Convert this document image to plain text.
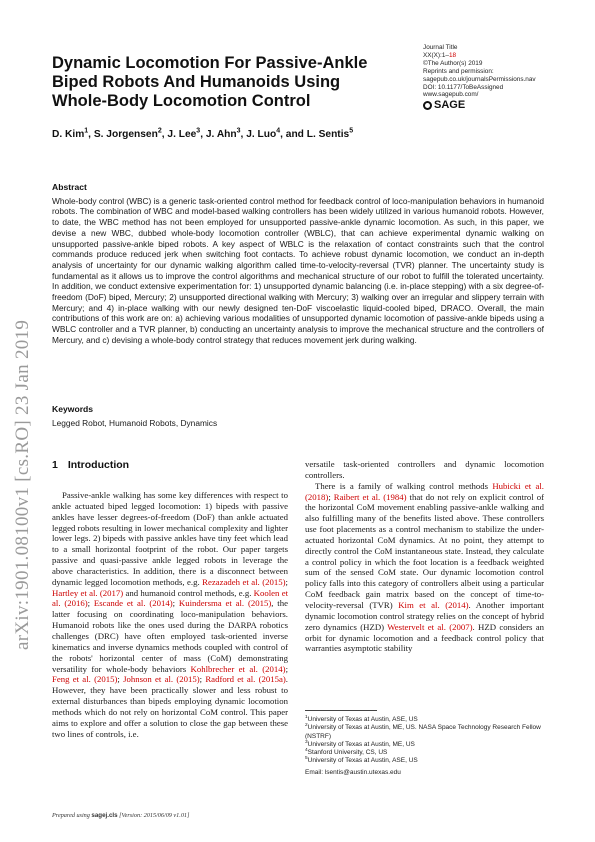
arXiv:1901.08100v1 [cs.RO] 23 Jan 2019
Dynamic Locomotion For Passive-Ankle Biped Robots And Humanoids Using Whole-Body Locomotion Control
Journal Title
XX(X):1–18
©The Author(s) 2019
Reprints and permission:
sagepub.co.uk/journalsPermissions.nav
DOI: 10.1177/ToBeAssigned
www.sagepub.com/
SAGE
D. Kim$^1$, S. Jorgensen$^2$, J. Lee$^3$, J. Ahn$^3$, J. Luo$^4$, and L. Sentis$^5$
Abstract

Whole-body control (WBC) is a generic task-oriented control method for feedback control of loco-manipulation behaviors in humanoid robots. The combination of WBC and model-based walking controllers has been widely utilized in various humanoid robots. However, to date, the WBC method has not been employed for unsupported passive-ankle dynamic locomotion. As such, in this paper, we devise a new WBC, dubbed whole-body locomotion controller (WBLC), that can achieve experimental dynamic walking on unsupported passive-ankle biped robots. A key aspect of WBLC is the relaxation of contact constraints such that the control commands produce reduced jerk when switching foot contacts. To achieve robust dynamic locomotion, we conduct an in-depth analysis of uncertainty for our dynamic walking algorithm called time-to-velocity-reversal (TVR) planner. The uncertainty study is fundamental as it allows us to improve the control algorithms and mechanical structure of our robot to fulfill the tolerated uncertainty. In addition, we conduct extensive experimentation for: 1) unsupported dynamic balancing (i.e. in-place stepping) with a six degree-of-freedom (DoF) biped, Mercury; 2) unsupported directional walking with Mercury; 3) walking over an irregular and slippery terrain with Mercury; and 4) in-place walking with our newly designed ten-DoF viscoelastic liquid-cooled biped, DRACO. Overall, the main contributions of this work are on: a) achieving various modalities of unsupported dynamic locomotion of passive-ankle bipeds using a WBLC controller and a TVR planner, b) conducting an uncertainty analysis to improve the mechanical structure and the controllers of Mercury, and c) devising a whole-body control strategy that reduces movement jerk during walking.

Keywords

Legged Robot, Humanoid Robots, Dynamics

1 Introduction

Passive-ankle walking has some key differences with respect to ankle actuated biped legged locomotion: 1) bipeds with passive ankles have lesser degrees-of-freedom (DoF) than ankle actuated legged robots resulting in lower mechanical complexity and lighter lower legs. 2) bipeds with passive ankles have tiny feet which lead to a small horizontal footprint of the robot. Our paper targets passive and quasi-passive ankle legged robots in leverage the above characteristics. In addition, there is a disconnect between dynamic legged locomotion methods, e.g. Rezazadeh et al. (2015); Hartley et al. (2017) and humanoid control methods, e.g. Koolen et al. (2016); Escande et al. (2014); Kuindersma et al. (2015), the latter focusing on coordinating loco-manipulation behaviors. Humanoid robots like the ones used during the DARPA robotics challenges (DRC) have often employed task-oriented inverse kinematics and inverse dynamics methods coupled with control of the robots' horizontal center of mass (CoM) demonstrating versatility for whole-body behaviors Kohlbrecher et al. (2014); Feng et al. (2015); Johnson et al. (2015); Radford et al. (2015a). However, they have been practically slower and less robust to external disturbances than bipeds employing dynamic locomotion methods which do not rely on horizontal CoM control. This paper aims to explore and offer a solution to close the gap between these two lines of controls, i.e.

versatile task-oriented controllers and dynamic locomotion controllers.

There is a family of walking control methods Hubicki et al. (2018); Raibert et al. (1984) that do not rely on explicit control of the horizontal CoM movement enabling passive-ankle walking and also fulfilling many of the benefits listed above. These controllers use foot placements as a control mechanism to stabilize the under-actuated horizontal CoM dynamics. At no point, they attempt to directly control the CoM instantaneous state. Instead, they calculate a control policy in which the foot location is a feedback weighted sum of the sensed CoM state. Our dynamic locomotion control policy falls into this category of controllers albeit using a particular CoM feedback gain matrix based on the concept of time-to-velocity-reversal (TVR) Kim et al. (2014). Another important dynamic locomotion control strategy relies on the concept of hybrid zero dynamics (HZD) Westervelt et al. (2007). HZD considers an orbit for dynamic locomotion and a feedback control policy that warranties asymptotic stability

$^1$University of Texas at Austin, ASE, US
$^2$University of Texas at Austin, ME, US. NASA Space Technology Research Fellow (NSTRF)
$^3$University of Texas at Austin, ME, US
$^4$Stanford University, CS, US
$^5$University of Texas at Austin, ASE, US
Email: lsentis@austin.utexas.edu
Prepared using sagej.cls [Version: 2015/06/09 v1.01]
